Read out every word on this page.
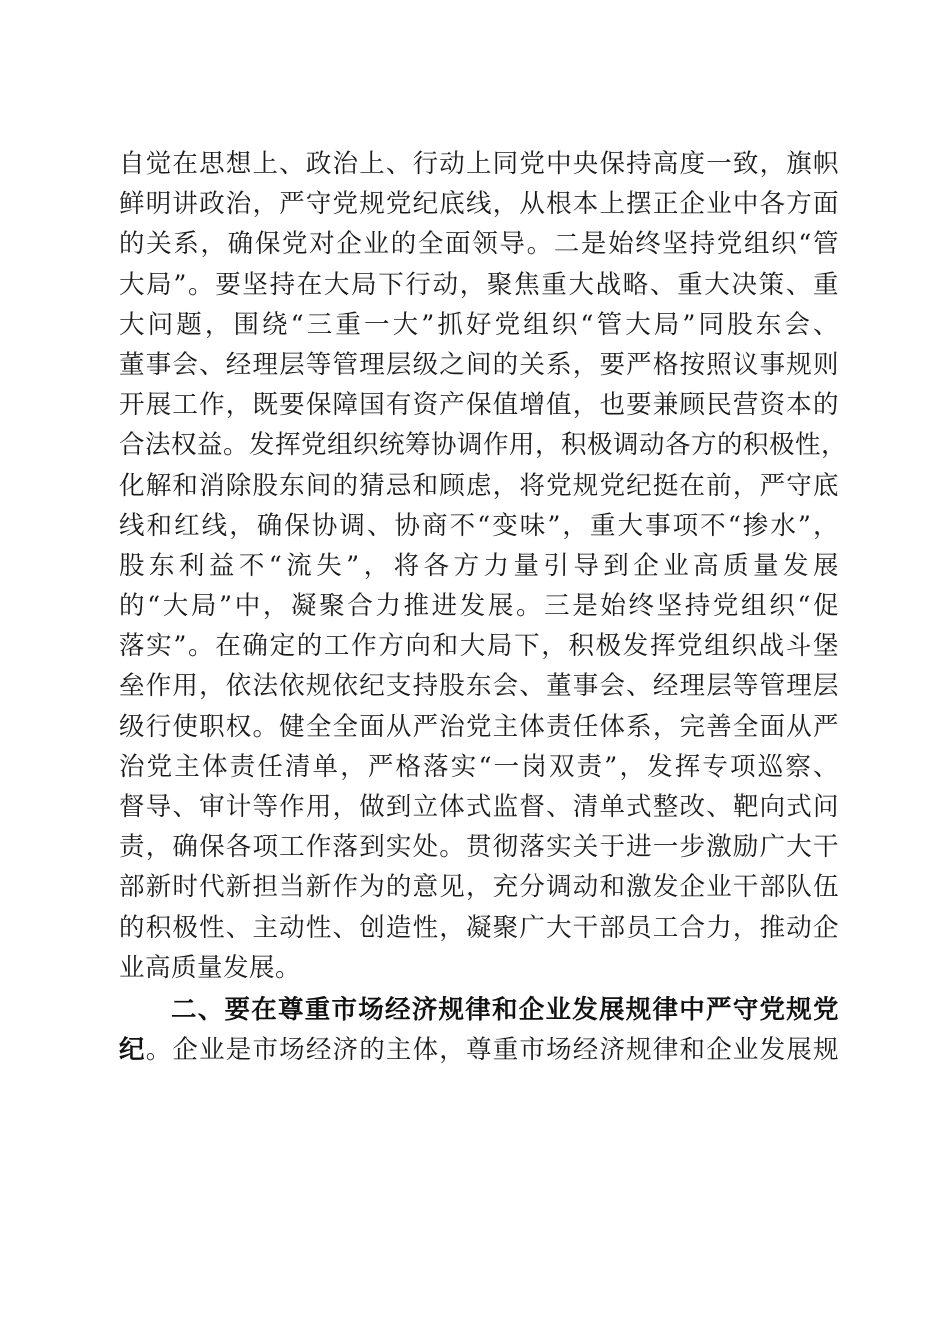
自觉在思想上、政治上、行动上同党中央保持高度一致，旗帜
鲜明讲政治，严守党规党纪底线，从根本上摆正企业中各方面
的关系，确保党对企业的全面领导。二是始终坚持党组织“管
大局”。要坚持在大局下行动，聚焦重大战略、重大决策、重
大问题，围绕“三重一大”抓好党组织“管大局”同股东会、
董事会、经理层等管理层级之间的关系，要严格按照议事规则
开展工作，既要保障国有资产保值增值，也要兼顾民营资本的
合法权益。发挥党组织统筹协调作用，积极调动各方的积极性，
化解和消除股东间的猜忌和顾虑，将党规党纪挺在前，严守底
线和红线，确保协调、协商不“变味”，重大事项不“掺水”，
股东利益不“流失”，将各方力量引导到企业高质量发展
的“大局”中，凝聚合力推进发展。三是始终坚持党组织“促
落实”。在确定的工作方向和大局下，积极发挥党组织战斗堡
垒作用，依法依规依纪支持股东会、董事会、经理层等管理层
级行使职权。健全全面从严治党主体责任体系，完善全面从严
治党主体责任清单，严格落实“一岗双责”，发挥专项巡察、
督导、审计等作用，做到立体式监督、清单式整改、靶向式问
责，确保各项工作落到实处。贯彻落实关于进一步激励广大干
部新时代新担当新作为的意见，充分调动和激发企业干部队伍
的积极性、主动性、创造性，凝聚广大干部员工合力，推动企
业高质量发展。
二、要在尊重市场经济规律和企业发展规律中严守党规党
纪。企业是市场经济的主体，尊重市场经济规律和企业发展规
